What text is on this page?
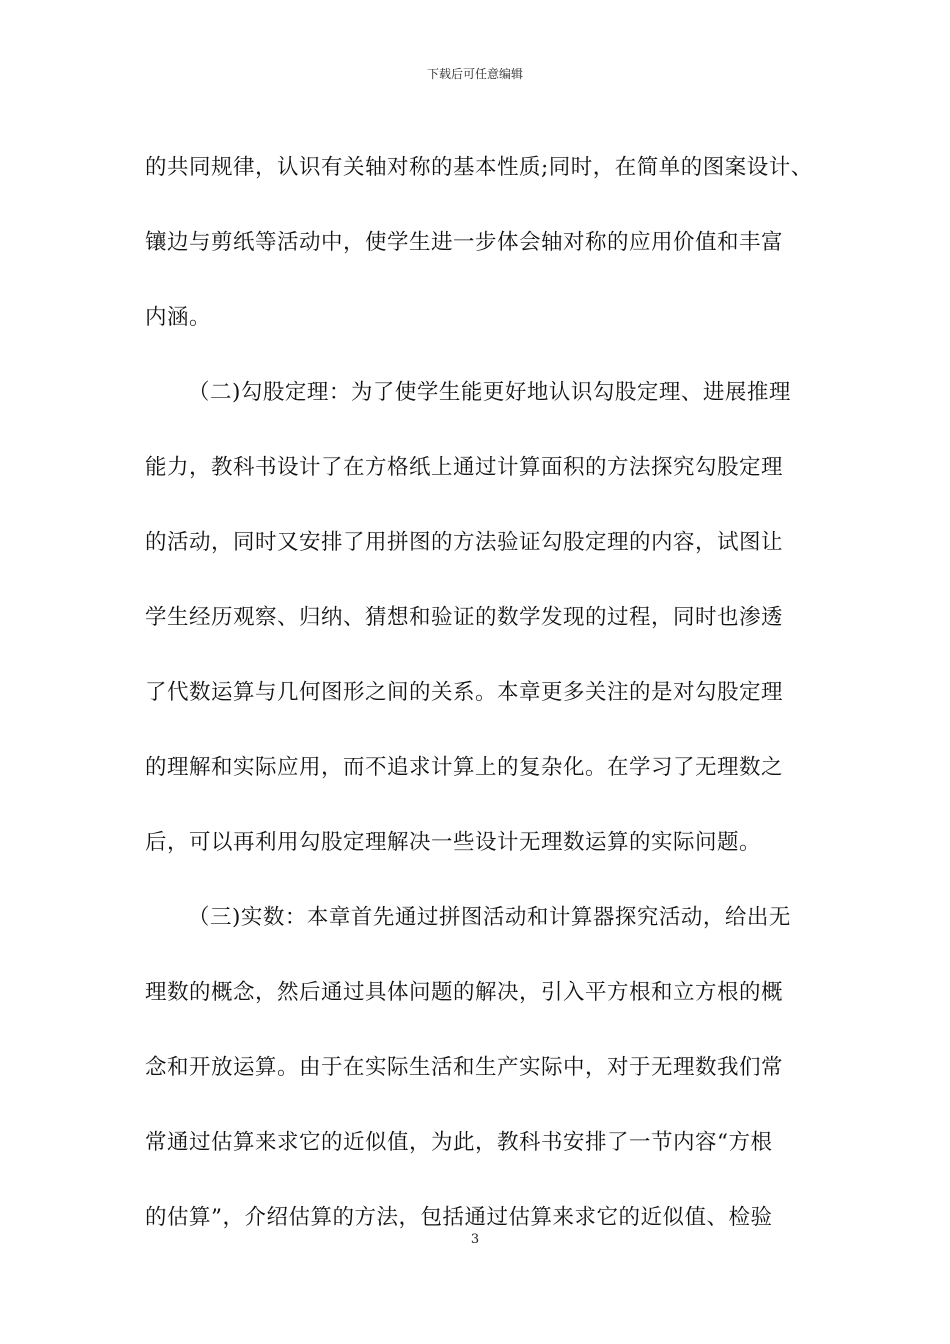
下载后可任意编辑
的共同规律，认识有关轴对称的基本性质;同时，在简单的图案设计、
镶边与剪纸等活动中，使学生进一步体会轴对称的应用价值和丰富
内涵。
（二)勾股定理：为了使学生能更好地认识勾股定理、进展推理
能力，教科书设计了在方格纸上通过计算面积的方法探究勾股定理
的活动，同时又安排了用拼图的方法验证勾股定理的内容，试图让
学生经历观察、归纳、猜想和验证的数学发现的过程，同时也渗透
了代数运算与几何图形之间的关系。本章更多关注的是对勾股定理
的理解和实际应用，而不追求计算上的复杂化。在学习了无理数之
后，可以再利用勾股定理解决一些设计无理数运算的实际问题。
（三)实数：本章首先通过拼图活动和计算器探究活动，给出无
理数的概念，然后通过具体问题的解决，引入平方根和立方根的概
念和开放运算。由于在实际生活和生产实际中，对于无理数我们常
常通过估算来求它的近似值，为此，教科书安排了一节内容“方根
的估算”，介绍估算的方法，包括通过估算来求它的近似值、检验
3
